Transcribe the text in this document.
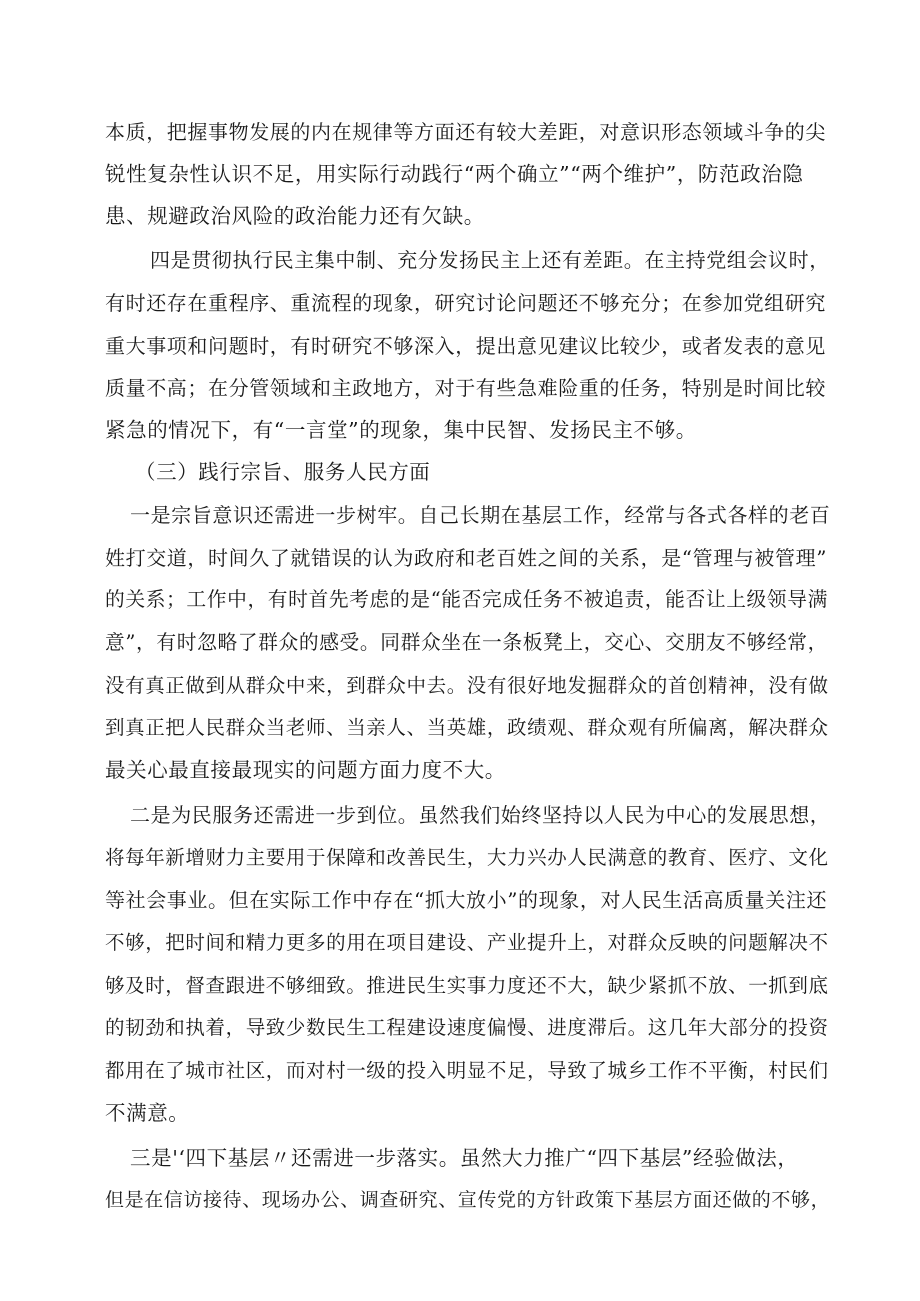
本质，把握事物发展的内在规律等方面还有较大差距，对意识形态领域斗争的尖
锐性复杂性认识不足，用实际行动践行“两个确立”“两个维护”，防范政治隐
患、规避政治风险的政治能力还有欠缺。
四是贯彻执行民主集中制、充分发扬民主上还有差距。在主持党组会议时，
有时还存在重程序、重流程的现象，研究讨论问题还不够充分；在参加党组研究
重大事项和问题时，有时研究不够深入，提出意见建议比较少，或者发表的意见
质量不高；在分管领域和主政地方，对于有些急难险重的任务，特别是时间比较
紧急的情况下，有“一言堂”的现象，集中民智、发扬民主不够。
（三）践行宗旨、服务人民方面
一是宗旨意识还需进一步树牢。自己长期在基层工作，经常与各式各样的老百
姓打交道，时间久了就错误的认为政府和老百姓之间的关系，是“管理与被管理”
的关系；工作中，有时首先考虑的是“能否完成任务不被追责，能否让上级领导满
意”，有时忽略了群众的感受。同群众坐在一条板凳上，交心、交朋友不够经常，
没有真正做到从群众中来，到群众中去。没有很好地发掘群众的首创精神，没有做
到真正把人民群众当老师、当亲人、当英雄，政绩观、群众观有所偏离，解决群众
最关心最直接最现实的问题方面力度不大。
二是为民服务还需进一步到位。虽然我们始终坚持以人民为中心的发展思想，
将每年新增财力主要用于保障和改善民生，大力兴办人民满意的教育、医疗、文化
等社会事业。但在实际工作中存在“抓大放小”的现象，对人民生活高质量关注还
不够，把时间和精力更多的用在项目建设、产业提升上，对群众反映的问题解决不
够及时，督查跟进不够细致。推进民生实事力度还不大，缺少紧抓不放、一抓到底
的韧劲和执着，导致少数民生工程建设速度偏慢、进度滞后。这几年大部分的投资
都用在了城市社区，而对村一级的投入明显不足，导致了城乡工作不平衡，村民们
不满意。
三是'‘四下基层〃还需进一步落实。虽然大力推广“四下基层”经验做法，
但是在信访接待、现场办公、调查研究、宣传党的方针政策下基层方面还做的不够，
